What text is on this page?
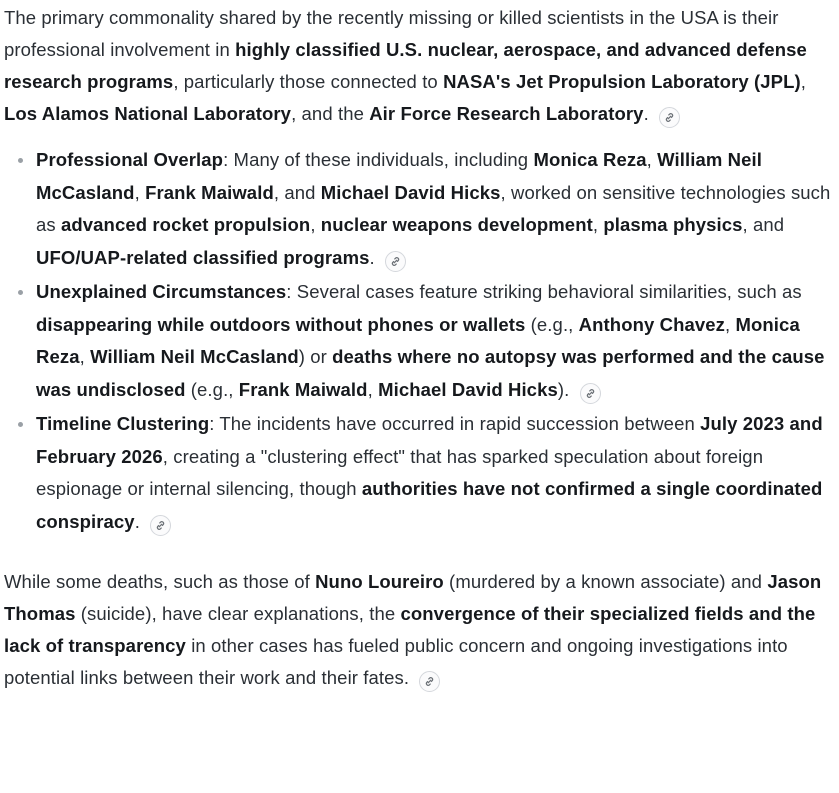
The primary commonality shared by the recently missing or killed scientists in the USA is their professional involvement in highly classified U.S. nuclear, aerospace, and advanced defense research programs, particularly those connected to NASA's Jet Propulsion Laboratory (JPL), Los Alamos National Laboratory, and the Air Force Research Laboratory.

Professional Overlap: Many of these individuals, including Monica Reza, William Neil McCasland, Frank Maiwald, and Michael David Hicks, worked on sensitive technologies such as advanced rocket propulsion, nuclear weapons development, plasma physics, and UFO/UAP-related classified programs.
Unexplained Circumstances: Several cases feature striking behavioral similarities, such as disappearing while outdoors without phones or wallets (e.g., Anthony Chavez, Monica Reza, William Neil McCasland) or deaths where no autopsy was performed and the cause was undisclosed (e.g., Frank Maiwald, Michael David Hicks).
Timeline Clustering: The incidents have occurred in rapid succession between July 2023 and February 2026, creating a "clustering effect" that has sparked speculation about foreign espionage or internal silencing, though authorities have not confirmed a single coordinated conspiracy.

While some deaths, such as those of Nuno Loureiro (murdered by a known associate) and Jason Thomas (suicide), have clear explanations, the convergence of their specialized fields and the lack of transparency in other cases has fueled public concern and ongoing investigations into potential links between their work and their fates.
